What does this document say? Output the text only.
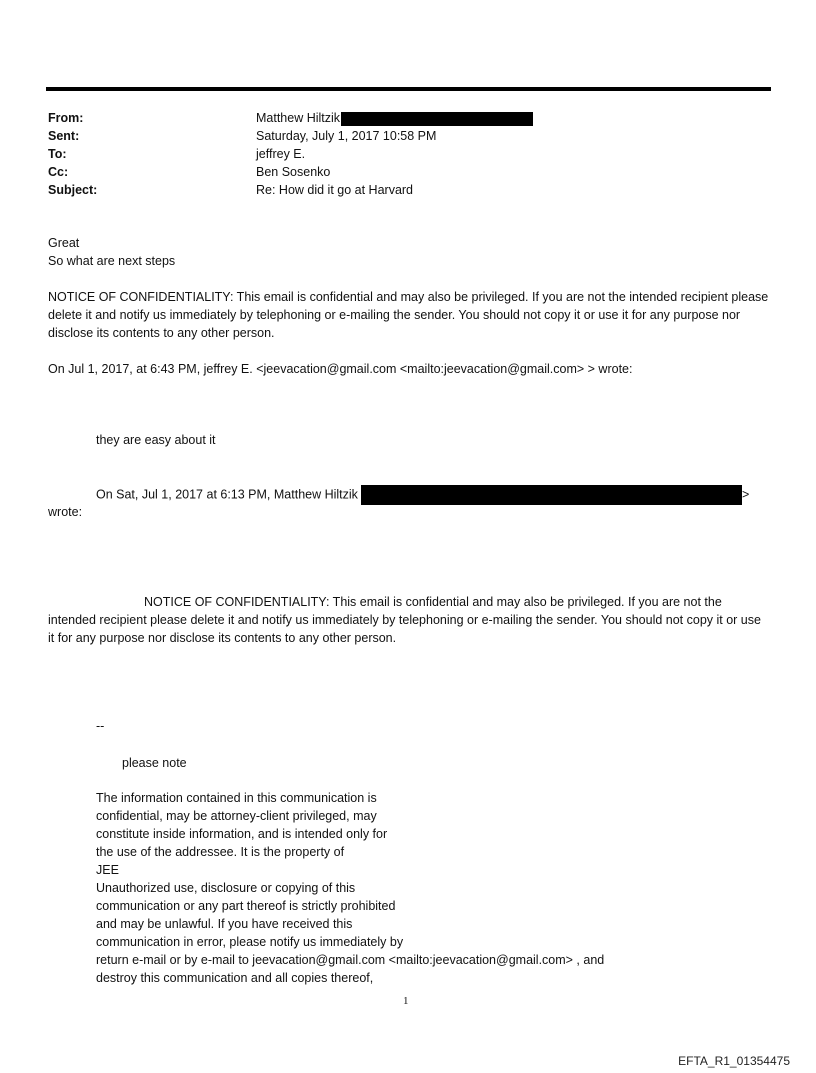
From:	Matthew Hiltzik
Sent:	Saturday, July 1, 2017 10:58 PM
To:	jeffrey E.
Cc:	Ben Sosenko
Subject:	Re: How did it go at Harvard
Great
So what are next steps
NOTICE OF CONFIDENTIALITY: This email is confidential and may also be privileged. If you are not the intended recipient please delete it and notify us immediately by telephoning or e-mailing the sender. You should not copy it or use it for any purpose nor disclose its contents to any other person.
On Jul 1, 2017, at 6:43 PM, jeffrey E. <jeevacation@gmail.com <mailto:jeevacation@gmail.com> > wrote:
they are easy about it
On Sat, Jul 1, 2017 at 6:13 PM, Matthew Hiltzik	>
wrote:
NOTICE OF CONFIDENTIALITY: This email is confidential and may also be privileged. If you are not the intended recipient please delete it and notify us immediately by telephoning or e-mailing the sender. You should not copy it or use it for any purpose nor disclose its contents to any other person.
--
please note
The information contained in this communication is
confidential, may be attorney-client privileged, may
constitute inside information, and is intended only for
the use of the addressee. It is the property of
JEE
Unauthorized use, disclosure or copying of this
communication or any part thereof is strictly prohibited
and may be unlawful. If you have received this
communication in error, please notify us immediately by
return e-mail or by e-mail to jeevacation@gmail.com <mailto:jeevacation@gmail.com> , and
destroy this communication and all copies thereof,
1
EFTA_R1_01354475
